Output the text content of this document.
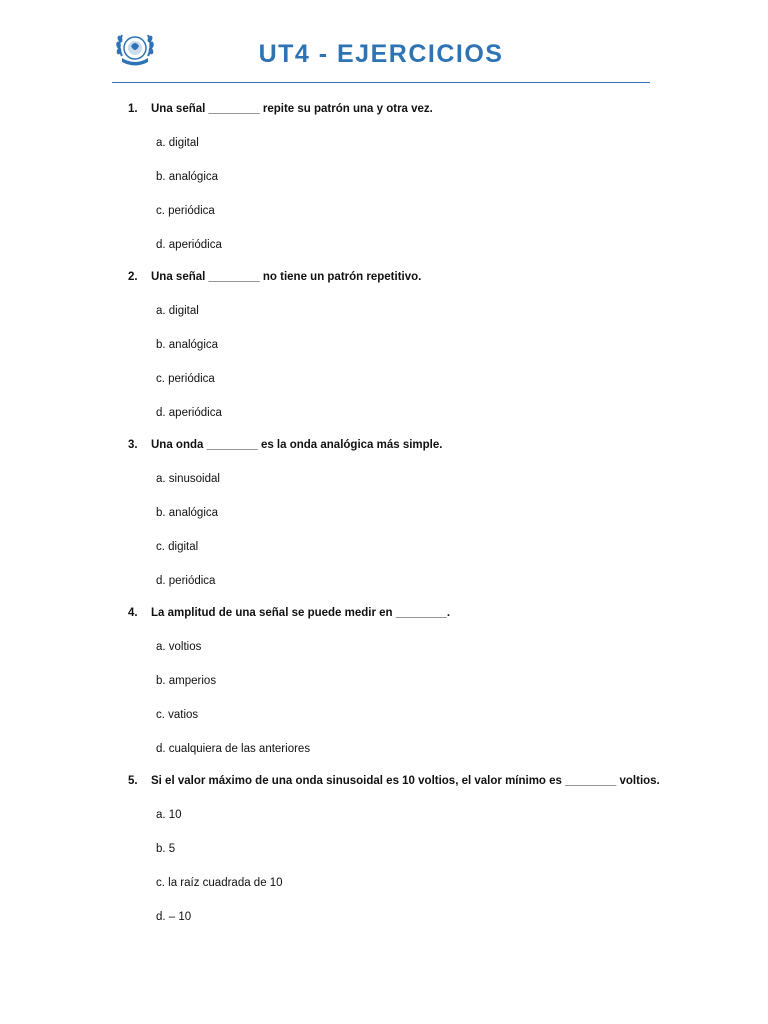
UT4 - EJERCICIOS
1.	Una señal ________ repite su patrón una y otra vez.
a. digital
b. analógica
c. periódica
d. aperiódica
2.	Una señal ________ no tiene un patrón repetitivo.
a. digital
b. analógica
c. periódica
d. aperiódica
3.	Una onda ________ es la onda analógica más simple.
a. sinusoidal
b. analógica
c. digital
d. periódica
4.	La amplitud de una señal se puede medir en ________.
a. voltios
b. amperios
c. vatios
d. cualquiera de las anteriores
5.	Si el valor máximo de una onda sinusoidal es 10 voltios, el valor mínimo es ________ voltios.
a. 10
b. 5
c. la raíz cuadrada de 10
d. – 10
